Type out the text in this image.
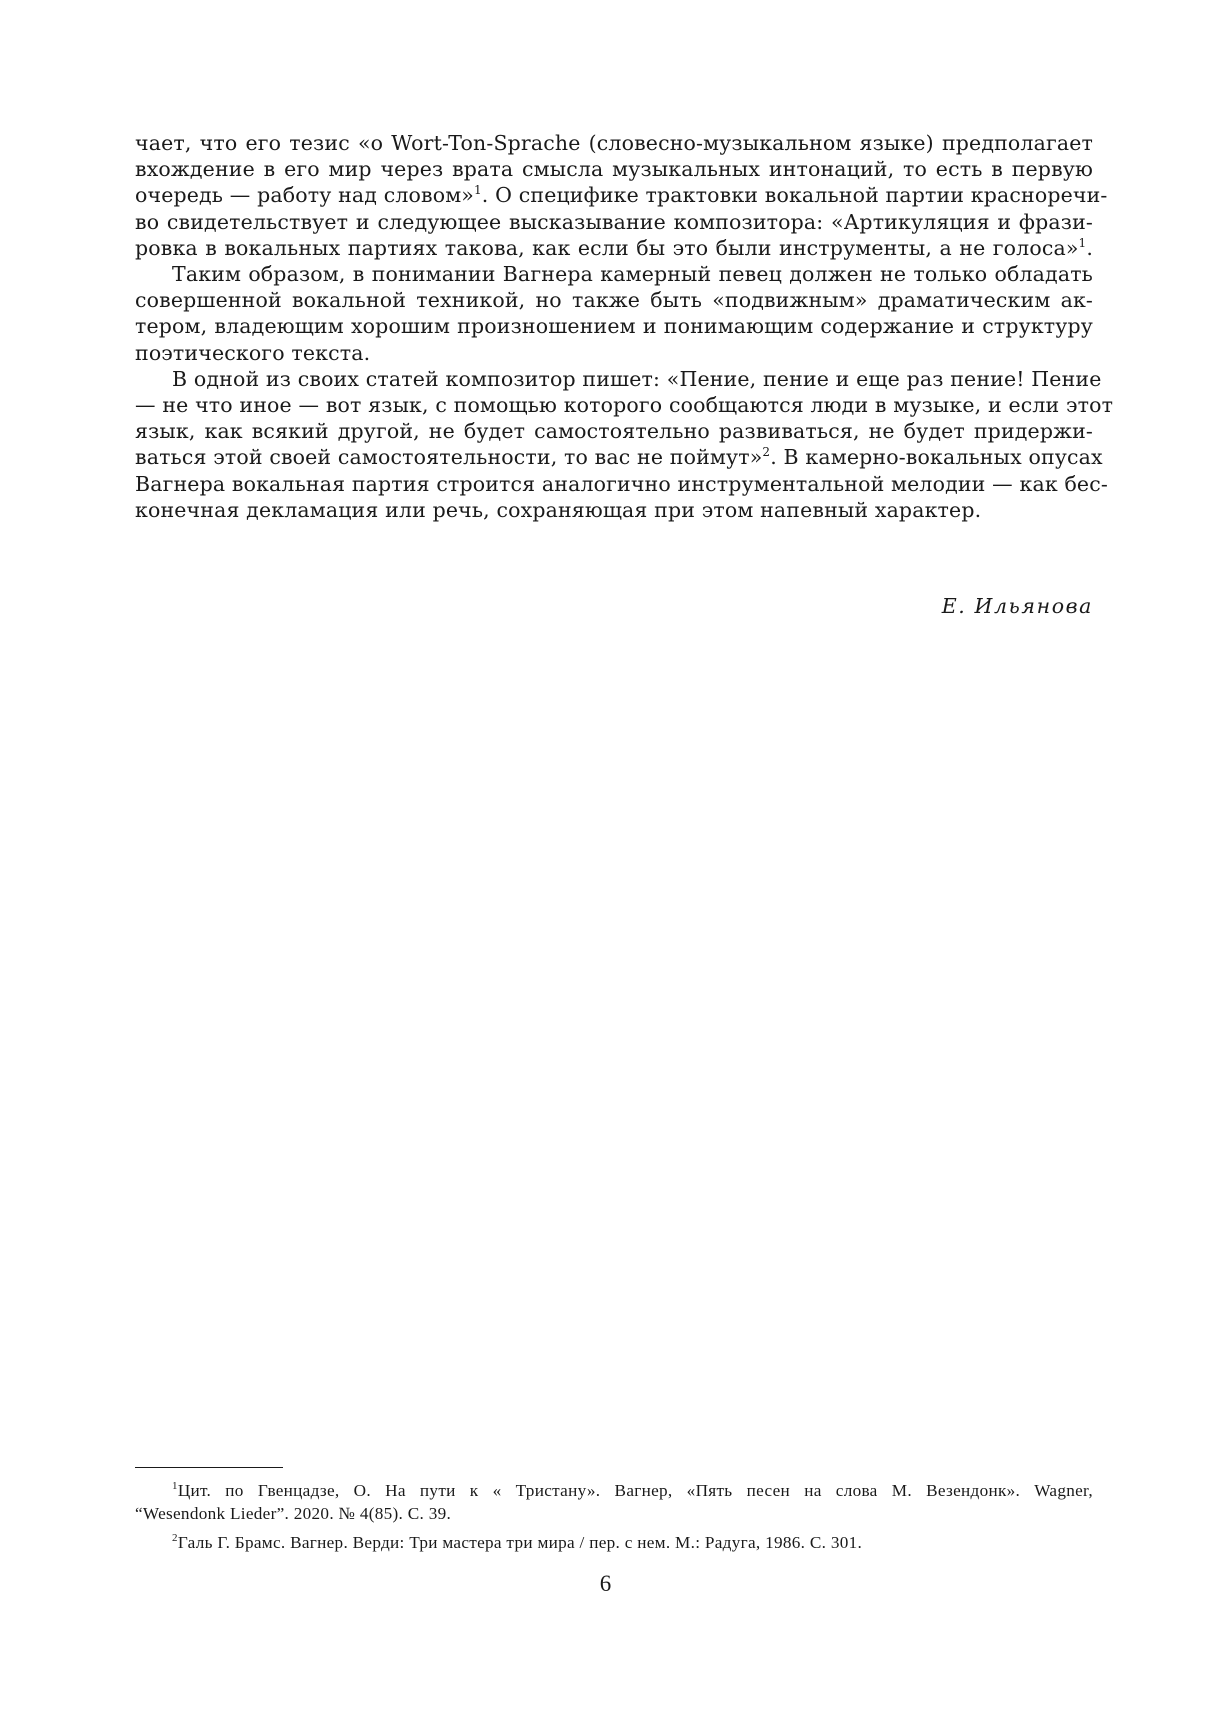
чает, что его тезис «о Wort-Ton-Sprache (словесно-музыкальном языке) предполагает
вхождение в его мир через врата смысла музыкальных интонаций, то есть в первую
очередь — работу над словом»$^1$. О специфике трактовки вокальной партии красноречи-
во свидетельствует и следующее высказывание композитора: «Артикуляция и фрази-
ровка в вокальных партиях такова, как если бы это были инструменты, а не голоса»$^1$.
Таким образом, в понимании Вагнера камерный певец должен не только обладать
совершенной вокальной техникой, но также быть «подвижным» драматическим ак-
тером, владеющим хорошим произношением и понимающим содержание и структуру
поэтического текста.
В одной из своих статей композитор пишет: «Пение, пение и еще раз пение! Пение
— не что иное — вот язык, с помощью которого сообщаются люди в музыке, и если этот
язык, как всякий другой, не будет самостоятельно развиваться, не будет придержи-
ваться этой своей самостоятельности, то вас не поймут»$^2$. В камерно-вокальных опусах
Вагнера вокальная партия строится аналогично инструментальной мелодии — как бес-
конечная декламация или речь, сохраняющая при этом напевный характер.
Е. Ильянова
$^1$Цит. по Гвенцадзе, О. На пути к « Тристану». Вагнер, «Пять песен на слова М. Везендонк». Wagner,
“Wesendonk Lieder”. 2020. № 4(85). С. 39.
$^2$Галь Г. Брамс. Вагнер. Верди: Три мастера три мира / пер. с нем. М.: Радуга, 1986. С. 301.
6
